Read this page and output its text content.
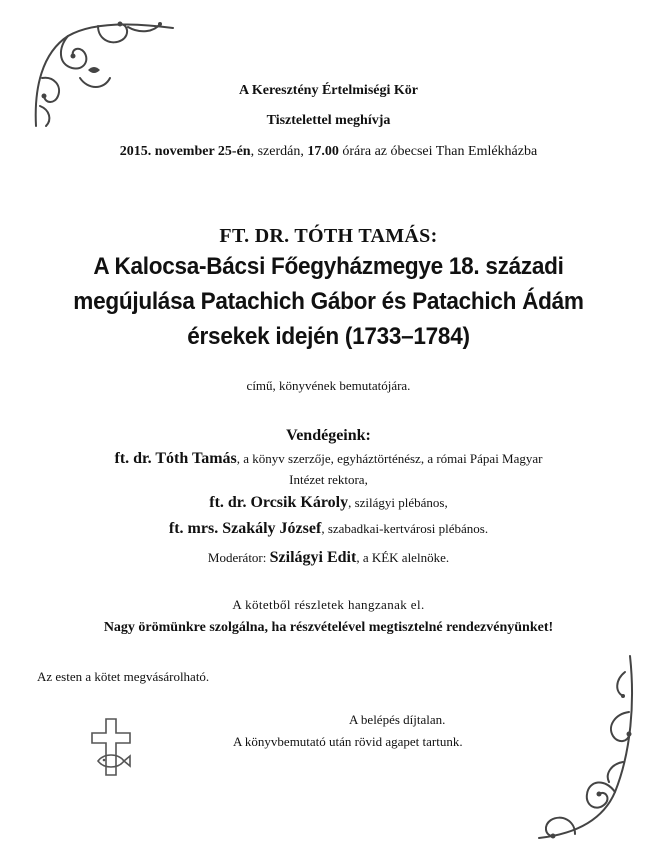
A Keresztény Értelmiségi Kör
Tisztelettel meghívja
2015. november 25-én, szerdán, 17.00 órára az óbecsei Than Emlékházba
FT. DR. TÓTH TAMÁS:
A Kalocsa-Bácsi Főegyházmegye 18. századi
megújulása Patachich Gábor és Patachich Ádám
érsekek idején (1733–1784)
című, könyvének bemutatójára.
Vendégeink:
ft. dr. Tóth Tamás, a könyv szerzője, egyháztörténész, a római Pápai Magyar
Intézet rektora,
ft. dr. Orcsik Károly, szilágyi plébános,
ft. mrs. Szakály József, szabadkai-kertvárosi plébános.
Moderátor: Szilágyi Edit, a KÉK alelnöke.
A kötetből részletek hangzanak el.
Nagy örömünkre szolgálna, ha részvételével megtisztelné rendezvényünket!
Az esten a kötet megvásárolható.
A belépés díjtalan.
A könyvbemutató után rövid agapet tartunk.
